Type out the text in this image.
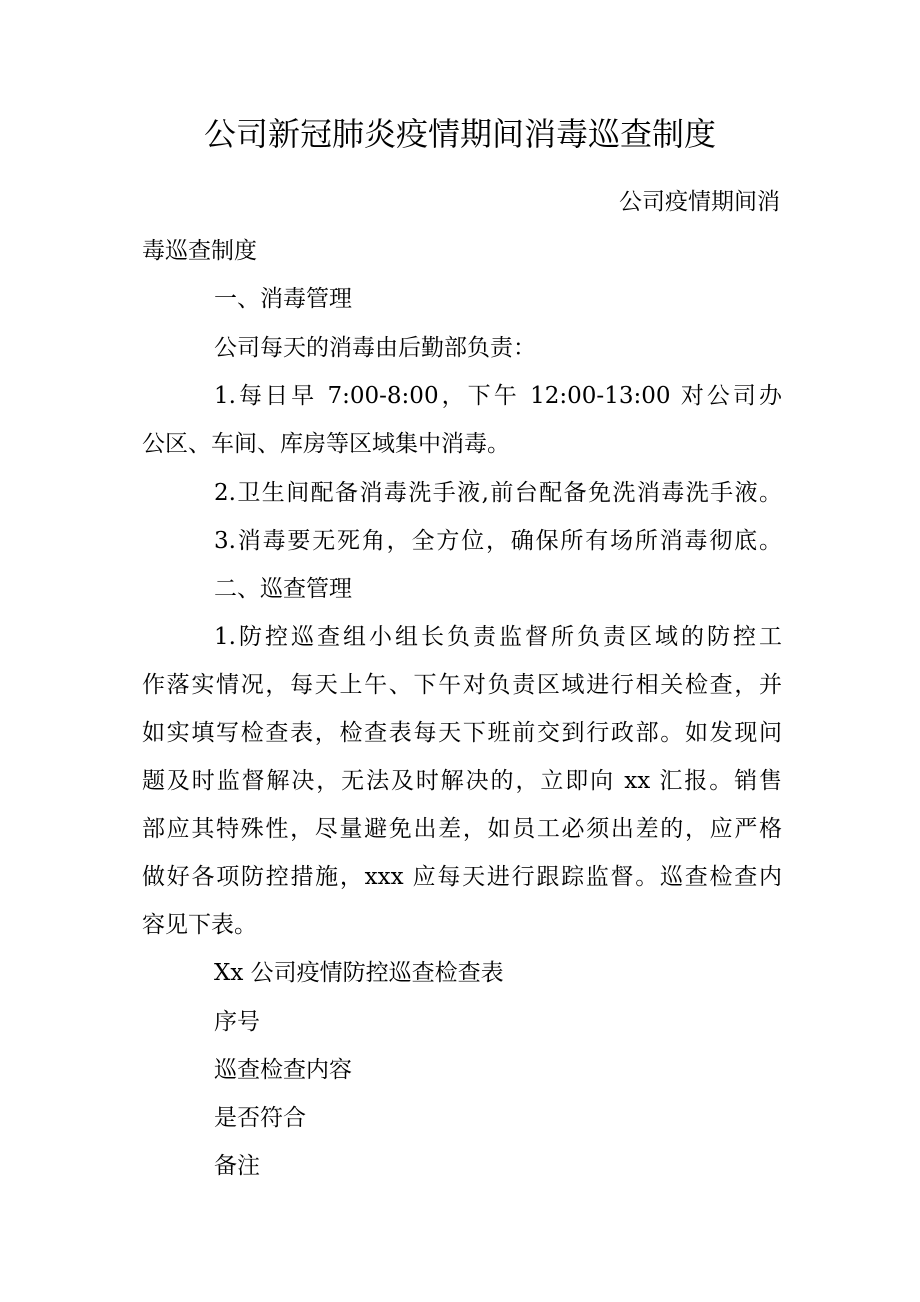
公司新冠肺炎疫情期间消毒巡查制度
公司疫情期间消
毒巡查制度
一、消毒管理
公司每天的消毒由后勤部负责：
1.每日早 7:00-8:00，下午 12:00-13:00 对公司办
公区、车间、库房等区域集中消毒。
2.卫生间配备消毒洗手液,前台配备免洗消毒洗手液。
3.消毒要无死角，全方位，确保所有场所消毒彻底。
二、巡查管理
1.防控巡查组小组长负责监督所负责区域的防控工
作落实情况，每天上午、下午对负责区域进行相关检查，并
如实填写检查表，检查表每天下班前交到行政部。如发现问
题及时监督解决，无法及时解决的，立即向 xx 汇报。销售
部应其特殊性，尽量避免出差，如员工必须出差的，应严格
做好各项防控措施，xxx 应每天进行跟踪监督。巡查检查内
容见下表。
Xx 公司疫情防控巡查检查表
序号
巡查检查内容
是否符合
备注
